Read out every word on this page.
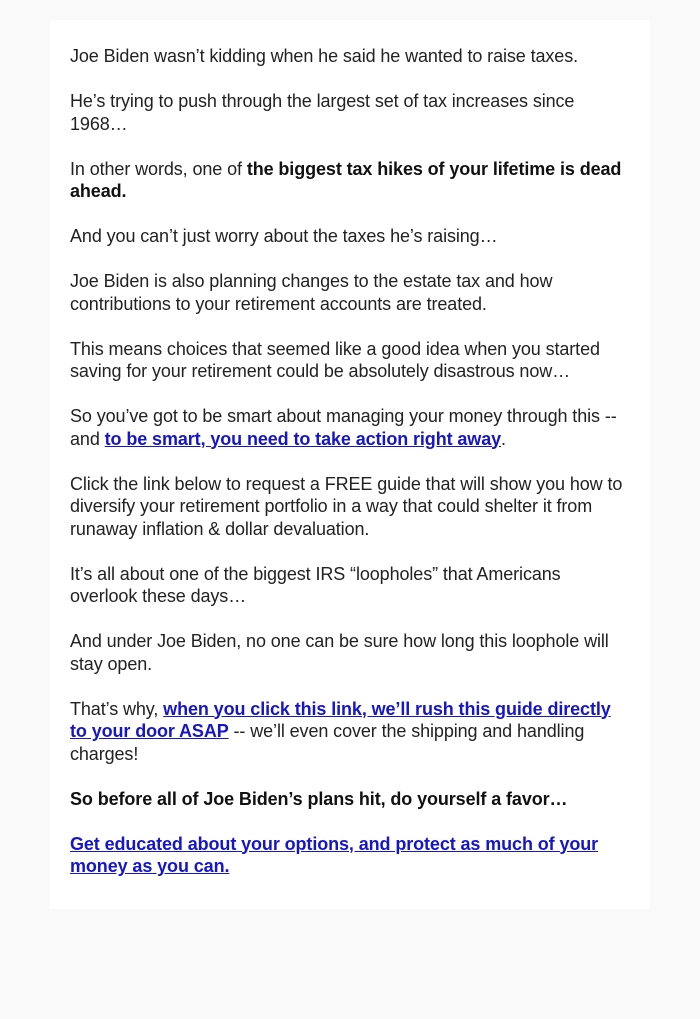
Joe Biden wasn’t kidding when he said he wanted to raise taxes.

He’s trying to push through the largest set of tax increases since 1968…

In other words, one of the biggest tax hikes of your lifetime is dead ahead.

And you can’t just worry about the taxes he’s raising…

Joe Biden is also planning changes to the estate tax and how contributions to your retirement accounts are treated.

This means choices that seemed like a good idea when you started saving for your retirement could be absolutely disastrous now…

So you’ve got to be smart about managing your money through this -- and to be smart, you need to take action right away.

Click the link below to request a FREE guide that will show you how to diversify your retirement portfolio in a way that could shelter it from runaway inflation & dollar devaluation.

It’s all about one of the biggest IRS “loopholes” that Americans overlook these days…

And under Joe Biden, no one can be sure how long this loophole will stay open.

That’s why, when you click this link, we’ll rush this guide directly to your door ASAP -- we’ll even cover the shipping and handling charges!

So before all of Joe Biden’s plans hit, do yourself a favor…

Get educated about your options, and protect as much of your money as you can.
